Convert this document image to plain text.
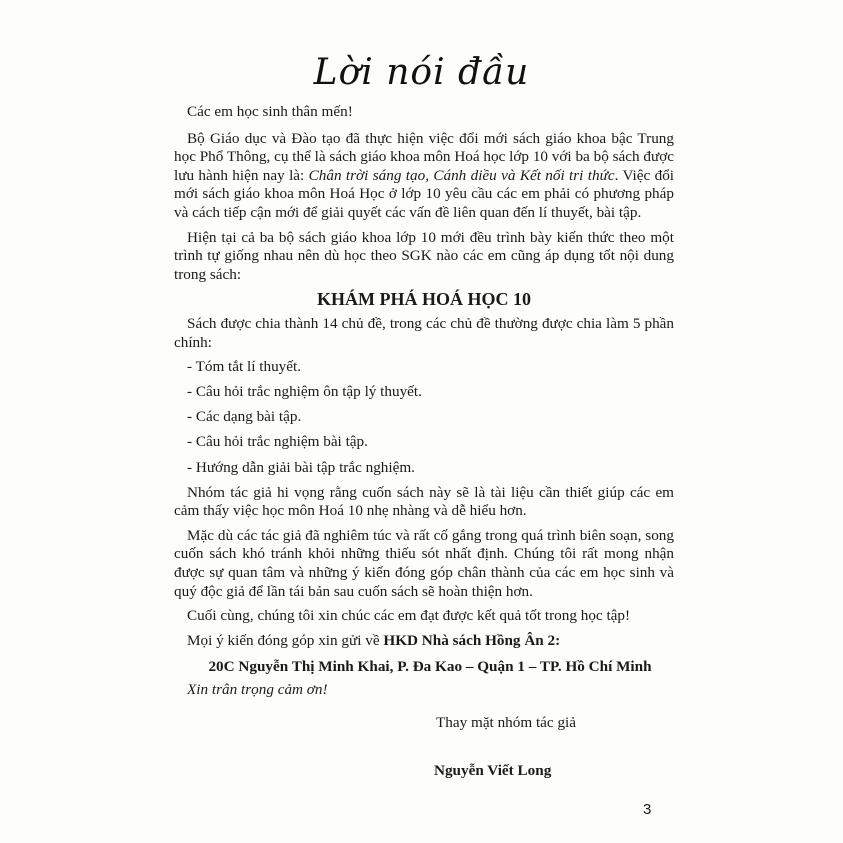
Lời nói đầu

Các em học sinh thân mến!

Bộ Giáo dục và Đào tạo đã thực hiện việc đổi mới sách giáo khoa bậc Trung học Phổ Thông, cụ thể là sách giáo khoa môn Hoá học lớp 10 với ba bộ sách được lưu hành hiện nay là: Chân trời sáng tạo, Cánh diều và Kết nối tri thức. Việc đổi mới sách giáo khoa môn Hoá Học ở lớp 10 yêu cầu các em phải có phương pháp và cách tiếp cận mới để giải quyết các vấn đề liên quan đến lí thuyết, bài tập.

Hiện tại cả ba bộ sách giáo khoa lớp 10 mới đều trình bày kiến thức theo một trình tự giống nhau nên dù học theo SGK nào các em cũng áp dụng tốt nội dung trong sách:

KHÁM PHÁ HOÁ HỌC 10

Sách được chia thành 14 chủ đề, trong các chủ đề thường được chia làm 5 phần chính:

- Tóm tắt lí thuyết.
- Câu hỏi trắc nghiệm ôn tập lý thuyết.
- Các dạng bài tập.
- Câu hỏi trắc nghiệm bài tập.
- Hướng dẫn giải bài tập trắc nghiệm.

Nhóm tác giả hi vọng rằng cuốn sách này sẽ là tài liệu cần thiết giúp các em cảm thấy việc học môn Hoá 10 nhẹ nhàng và dễ hiểu hơn.

Mặc dù các tác giả đã nghiêm túc và rất cố gắng trong quá trình biên soạn, song cuốn sách khó tránh khỏi những thiếu sót nhất định. Chúng tôi rất mong nhận được sự quan tâm và những ý kiến đóng góp chân thành của các em học sinh và quý độc giả để lần tái bản sau cuốn sách sẽ hoàn thiện hơn.

Cuối cùng, chúng tôi xin chúc các em đạt được kết quả tốt trong học tập!

Mọi ý kiến đóng góp xin gửi về HKD Nhà sách Hồng Ân 2:

20C Nguyễn Thị Minh Khai, P. Đa Kao – Quận 1 – TP. Hồ Chí Minh
Xin trân trọng cảm ơn!
Thay mặt nhóm tác giả
Nguyễn Viết Long
3
